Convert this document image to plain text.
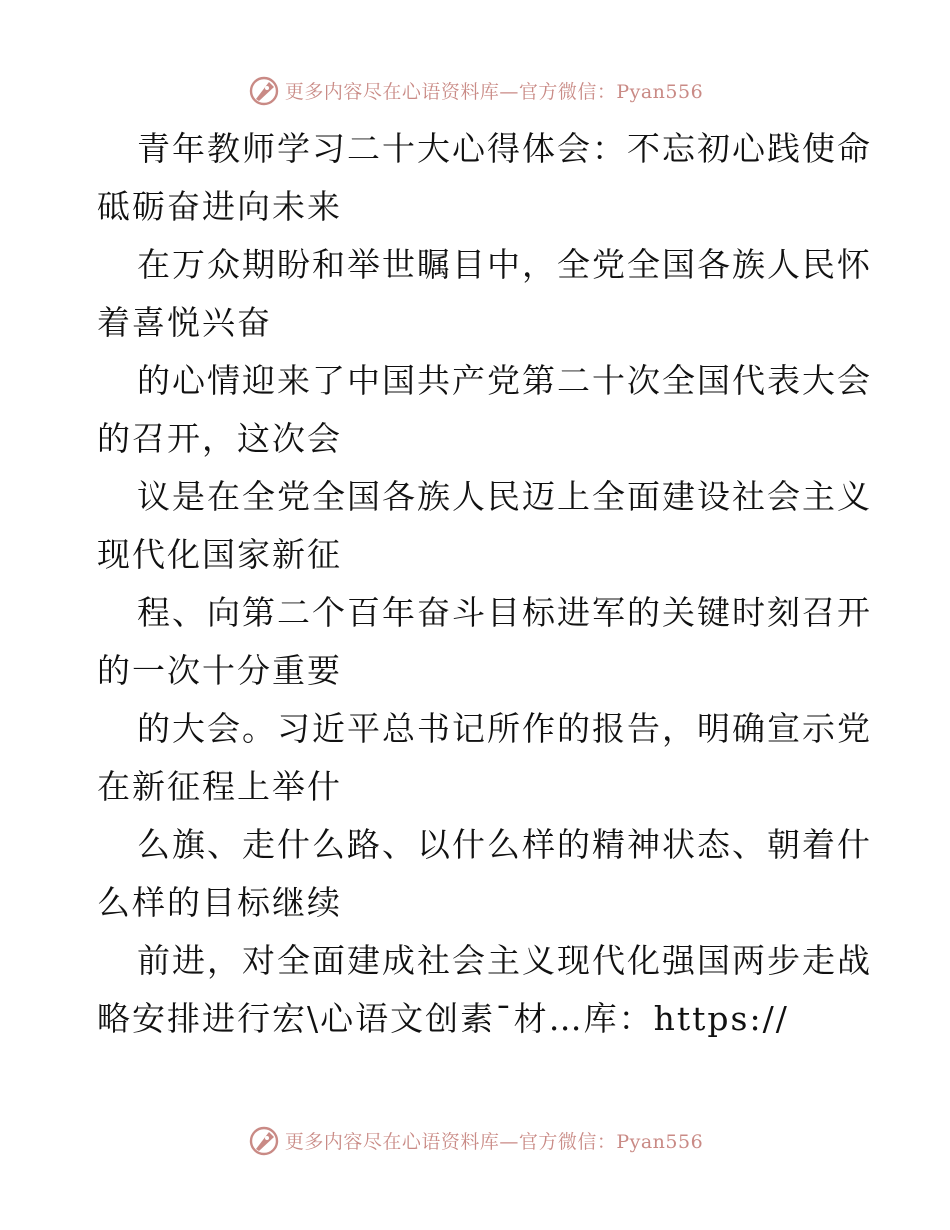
更多内容尽在心语资料库—官方微信：Pyan556

青年教师学习二十大心得体会：不忘初心践使命

砥砺奋进向未来

在万众期盼和举世瞩目中，全党全国各族人民怀

着喜悦兴奋

的心情迎来了中国共产党第二十次全国代表大会

的召开，这次会

议是在全党全国各族人民迈上全面建设社会主义

现代化国家新征

程、向第二个百年奋斗目标进军的关键时刻召开

的一次十分重要

的大会。习近平总书记所作的报告，明确宣示党

在新征程上举什

么旗、走什么路、以什么样的精神状态、朝着什

么样的目标继续

前进，对全面建成社会主义现代化强国两步走战

略安排进行宏\心语文创素¯材…库：https://

更多内容尽在心语资料库—官方微信：Pyan556
